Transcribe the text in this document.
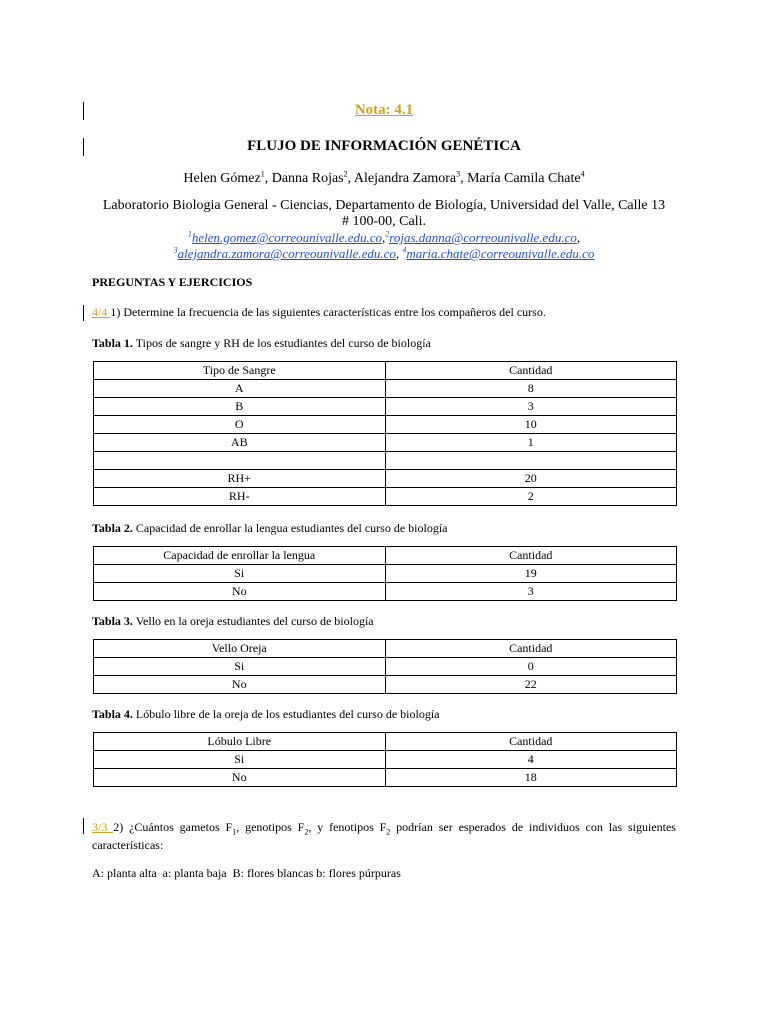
Nota: 4.1
FLUJO DE INFORMACIÓN GENÉTICA
Helen Gómez$^1$, Danna Rojas$^2$, Alejandra Zamora$^3$, María Camila Chate$^4$
Laboratorio Biologia General - Ciencias, Departamento de Biología, Universidad del Valle, Calle 13
# 100-00, Cali.
$^1$helen.gomez@correounivalle.edu.co,$^2$rojas.danna@correounivalle.edu.co,
$^3$alejandra.zamora@correounivalle.edu.co, $^4$maria.chate@correounivalle.edu.co
PREGUNTAS Y EJERCICIOS
4/4 1) Determine la frecuencia de las siguientes características entre los compañeros del curso.
Tabla 1. Tipos de sangre y RH de los estudiantes del curso de biología
Tipo de Sangre	Cantidad
A	8
B	3
O	10
AB	1

RH+	20
RH-	2
Tabla 2. Capacidad de enrollar la lengua estudiantes del curso de biología
Capacidad de enrollar la lengua	Cantidad
Si	19
No	3
Tabla 3. Vello en la oreja estudiantes del curso de biología
Vello Oreja	Cantidad
Si	0
No	22
Tabla 4. Lóbulo libre de la oreja de los estudiantes del curso de biología
Lóbulo Libre	Cantidad
Si	4
No	18
3/3 2) ¿Cuántos gametos $F_1$, genotipos $F_2$, y fenotipos $F_2$ podrían ser esperados de individuos con las siguientes características:
A: planta alta  a: planta baja  B: flores blancas b: flores púrpuras
